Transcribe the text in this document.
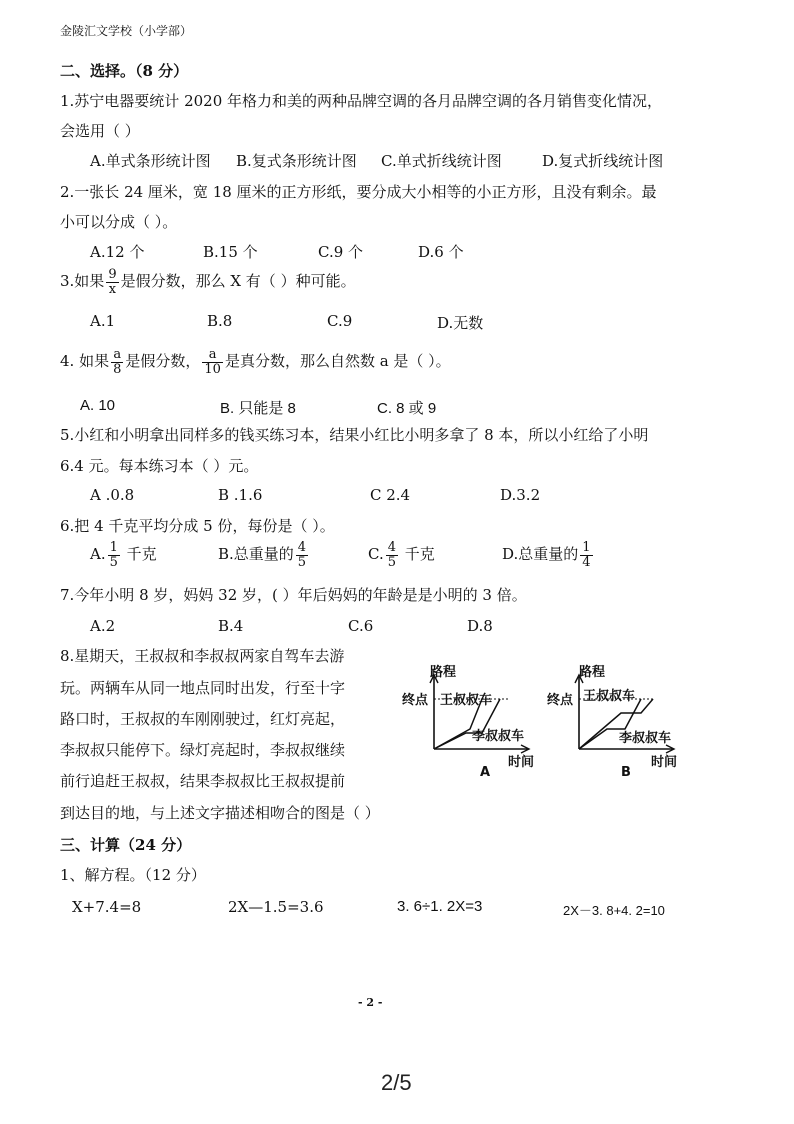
金陵汇文学校（小学部）
二、选择。（8 分）
1.苏宁电器要统计 2020 年格力和美的两种品牌空调的各月品牌空调的各月销售变化情况，
会选用（ ）
A.单式条形统计图 B.复式条形统计图 C.单式折线统计图	D.复式折线统计图
2.一张长 24 厘米，宽 18 厘米的正方形纸，要分成大小相等的小正方形，且没有剩余。最
小可以分成（ ）。
A.12 个	B.15 个	C.9 个	D.6 个
3.如果 $\frac{9}{x}$ 是假分数，那么 X 有（ ）种可能。
A.1	B.8	C.9	D.无数
4. 如果 $\frac{a}{8}$ 是假分数， $\frac{a}{10}$ 是真分数，那么自然数 a 是（ ）。
A. 10	B. 只能是 8	C. 8 或 9
5.小红和小明拿出同样多的钱买练习本，结果小红比小明多拿了 8 本，所以小红给了小明
6.4 元。每本练习本（ ）元。
A .0.8	B .1.6	C 2.4	D.3.2
6.把 4 千克平均分成 5 份，每份是（ ）。
A. $\frac{1}{5}$ 千克	B.总重量的 $\frac{4}{5}$	C. $\frac{4}{5}$ 千克	D.总重量的 $\frac{1}{4}$
7.今年小明 8 岁，妈妈 32 岁，( ）年后妈妈的年龄是是小明的 3 倍。
A.2	B.4	C.6	D.8
8.星期天，王叔叔和李叔叔两家自驾车去游
玩。两辆车从同一地点同时出发，行至十字
路口时，王叔叔的车刚刚驶过，红灯亮起，
李叔叔只能停下。绿灯亮起时，李叔叔继续
前行追赶王叔叔，结果李叔叔比王叔叔提前
到达目的地，与上述文字描述相吻合的图是（ ）
路程
终点 王叔叔车
李叔叔车
时间
A
路程
终点 王叔叔车
李叔叔车
时间
B
三、计算（24 分）
1、解方程。（12 分）
X+7.4=8	2X—1.5=3.6	3. 6÷1. 2X=3	2X－3. 8+4. 2=10
- 2 -
2/5
